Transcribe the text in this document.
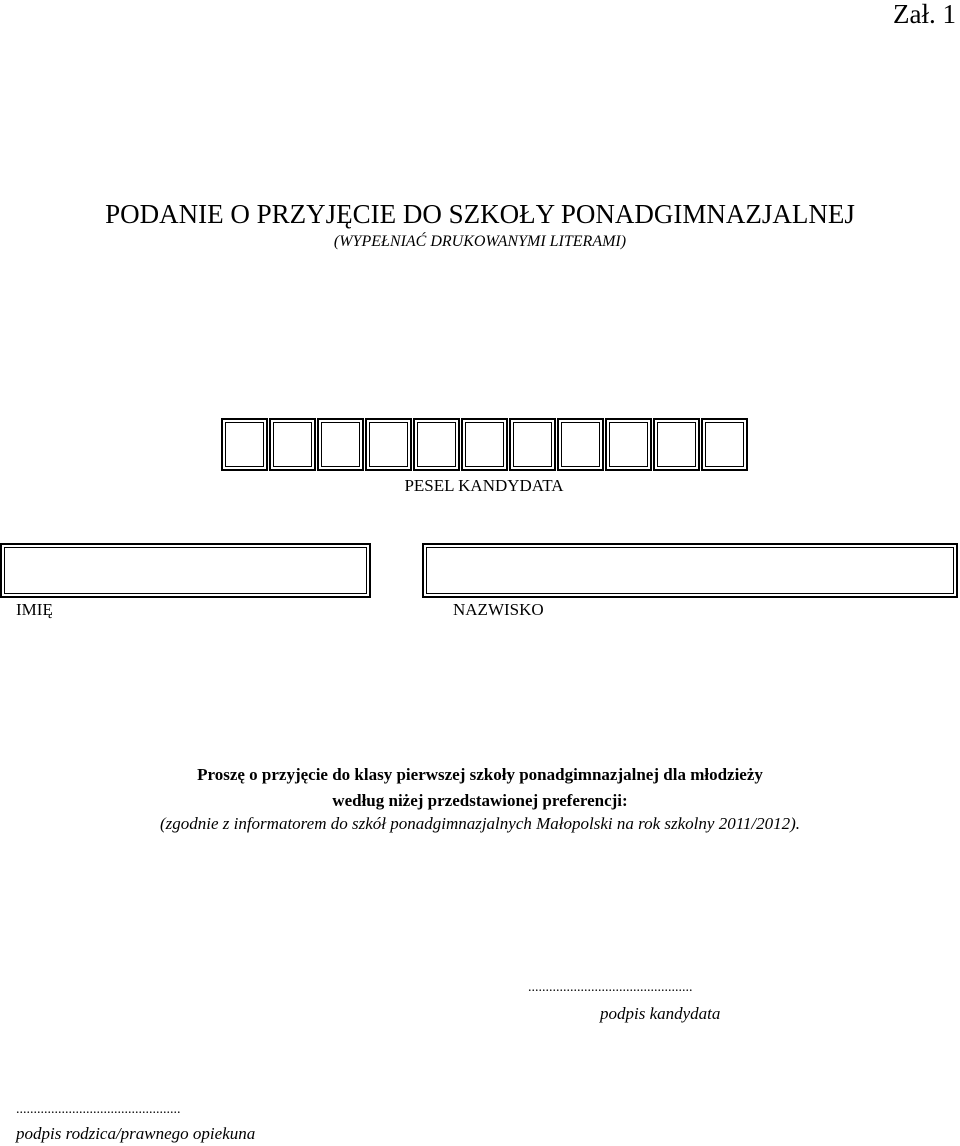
Zał. 1
PODANIE O PRZYJĘCIE DO SZKOŁY PONADGIMNAZJALNEJ
(WYPEŁNIAĆ DRUKOWANYMI LITERAMI)
PESEL KANDYDATA
IMIĘ	NAZWISKO
Proszę o przyjęcie do klasy pierwszej szkoły ponadgimnazjalnej dla młodzieży
według niżej przedstawionej preferencji:
(zgodnie z informatorem do szkół ponadgimnazjalnych Małopolski na rok szkolny 2011/2012).
...............................................
podpis kandydata
...............................................
podpis rodzica/prawnego opiekuna
